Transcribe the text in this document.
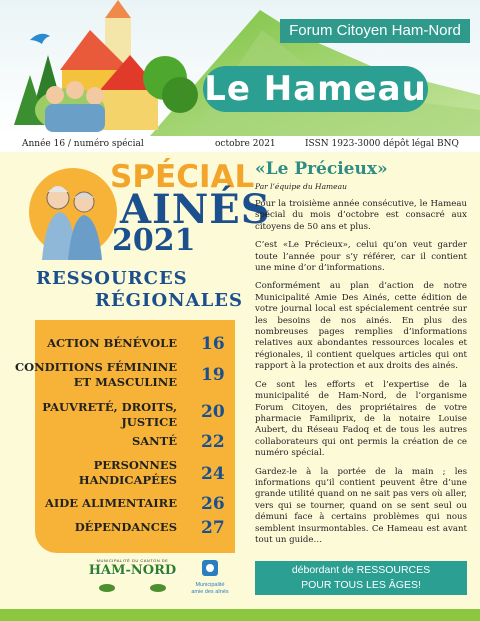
Forum Citoyen Ham-Nord
Le Hameau
Année 16 / numéro spécial	octobre 2021	ISSN 1923-3000 dépôt légal BNQ
SPÉCIAL
AINÉS
2021
RESSOURCES
RÉGIONALES
ACTION BÉNÉVOLE 16
CONDITIONS FÉMININE
ET MASCULINE 19
PAUVRETÉ, DROITS,
JUSTICE 20
SANTÉ 22
PERSONNES
HANDICAPÉES 24
AIDE ALIMENTAIRE 26
DÉPENDANCES 27
«Le Précieux»
Par l’équipe du Hameau

Pour la troisième année consécutive, le Hameau spécial du mois d’octobre est consacré aux citoyens de 50 ans et plus.

C’est «Le Précieux», celui qu’on veut garder toute l’année pour s’y référer, car il contient une mine d’or d’informations.

Conformément au plan d’action de notre Municipalité Amie Des Ainés, cette édition de votre journal local est spécialement centrée sur les besoins de nos ainés. En plus des nombreuses pages remplies d’informations relatives aux abondantes ressources locales et régionales, il contient quelques articles qui ont rapport à la protection et aux droits des ainés.

Ce sont les efforts et l’expertise de la municipalité de Ham-Nord, de l’organisme Forum Citoyen, des propriétaires de votre pharmacie Familiprix, de la notaire Louise Aubert, du Réseau Fadoq et de tous les autres collaborateurs qui ont permis la création de ce numéro spécial.

Gardez-le à la portée de la main ; les informations qu’il contient peuvent être d’une grande utilité quand on ne sait pas vers où aller, vers qui se tourner, quand on se sent seul ou démuni face à certains problèmes qui nous semblent insurmontables. Ce Hameau est avant tout un guide…

débordant de RESSOURCES
POUR TOUS LES ÂGES!
MUNICIPALITÉ DU CANTON DE
HAM-NORD
Municipalité
amie des aînés
